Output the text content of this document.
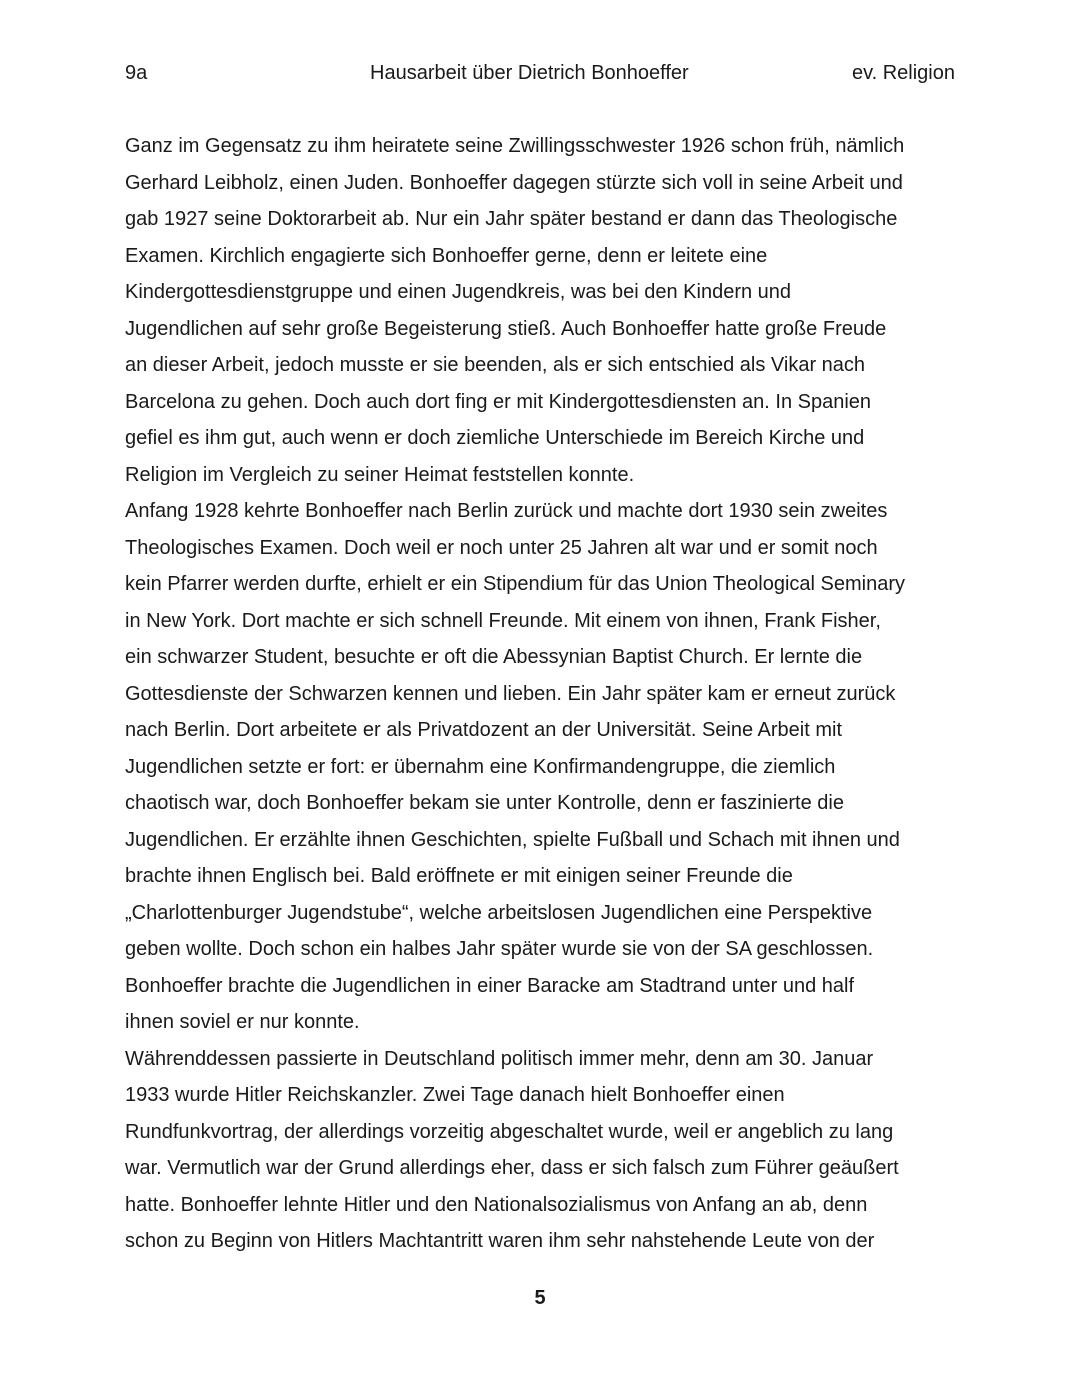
9a	Hausarbeit über Dietrich Bonhoeffer	ev. Religion
Ganz im Gegensatz zu ihm heiratete seine Zwillingsschwester 1926 schon früh, nämlich
Gerhard Leibholz, einen Juden. Bonhoeffer dagegen stürzte sich voll in seine Arbeit und
gab 1927 seine Doktorarbeit ab. Nur ein Jahr später bestand er dann das Theologische
Examen. Kirchlich engagierte sich Bonhoeffer gerne, denn er leitete eine
Kindergottesdienstgruppe und einen Jugendkreis, was bei den Kindern und
Jugendlichen auf sehr große Begeisterung stieß. Auch Bonhoeffer hatte große Freude
an dieser Arbeit, jedoch musste er sie beenden, als er sich entschied als Vikar nach
Barcelona zu gehen. Doch auch dort fing er mit Kindergottesdiensten an. In Spanien
gefiel es ihm gut, auch wenn er doch ziemliche Unterschiede im Bereich Kirche und
Religion im Vergleich zu seiner Heimat feststellen konnte.
Anfang 1928 kehrte Bonhoeffer nach Berlin zurück und machte dort 1930 sein zweites
Theologisches Examen. Doch weil er noch unter 25 Jahren alt war und er somit noch
kein Pfarrer werden durfte, erhielt er ein Stipendium für das Union Theological Seminary
in New York. Dort machte er sich schnell Freunde. Mit einem von ihnen, Frank Fisher,
ein schwarzer Student, besuchte er oft die Abessynian Baptist Church. Er lernte die
Gottesdienste der Schwarzen kennen und lieben. Ein Jahr später kam er erneut zurück
nach Berlin. Dort arbeitete er als Privatdozent an der Universität. Seine Arbeit mit
Jugendlichen setzte er fort: er übernahm eine Konfirmandengruppe, die ziemlich
chaotisch war, doch Bonhoeffer bekam sie unter Kontrolle, denn er faszinierte die
Jugendlichen. Er erzählte ihnen Geschichten, spielte Fußball und Schach mit ihnen und
brachte ihnen Englisch bei. Bald eröffnete er mit einigen seiner Freunde die
„Charlottenburger Jugendstube“, welche arbeitslosen Jugendlichen eine Perspektive
geben wollte. Doch schon ein halbes Jahr später wurde sie von der SA geschlossen.
Bonhoeffer brachte die Jugendlichen in einer Baracke am Stadtrand unter und half
ihnen soviel er nur konnte.
Währenddessen passierte in Deutschland politisch immer mehr, denn am 30. Januar
1933 wurde Hitler Reichskanzler. Zwei Tage danach hielt Bonhoeffer einen
Rundfunkvortrag, der allerdings vorzeitig abgeschaltet wurde, weil er angeblich zu lang
war. Vermutlich war der Grund allerdings eher, dass er sich falsch zum Führer geäußert
hatte. Bonhoeffer lehnte Hitler und den Nationalsozialismus von Anfang an ab, denn
schon zu Beginn von Hitlers Machtantritt waren ihm sehr nahstehende Leute von der
5
